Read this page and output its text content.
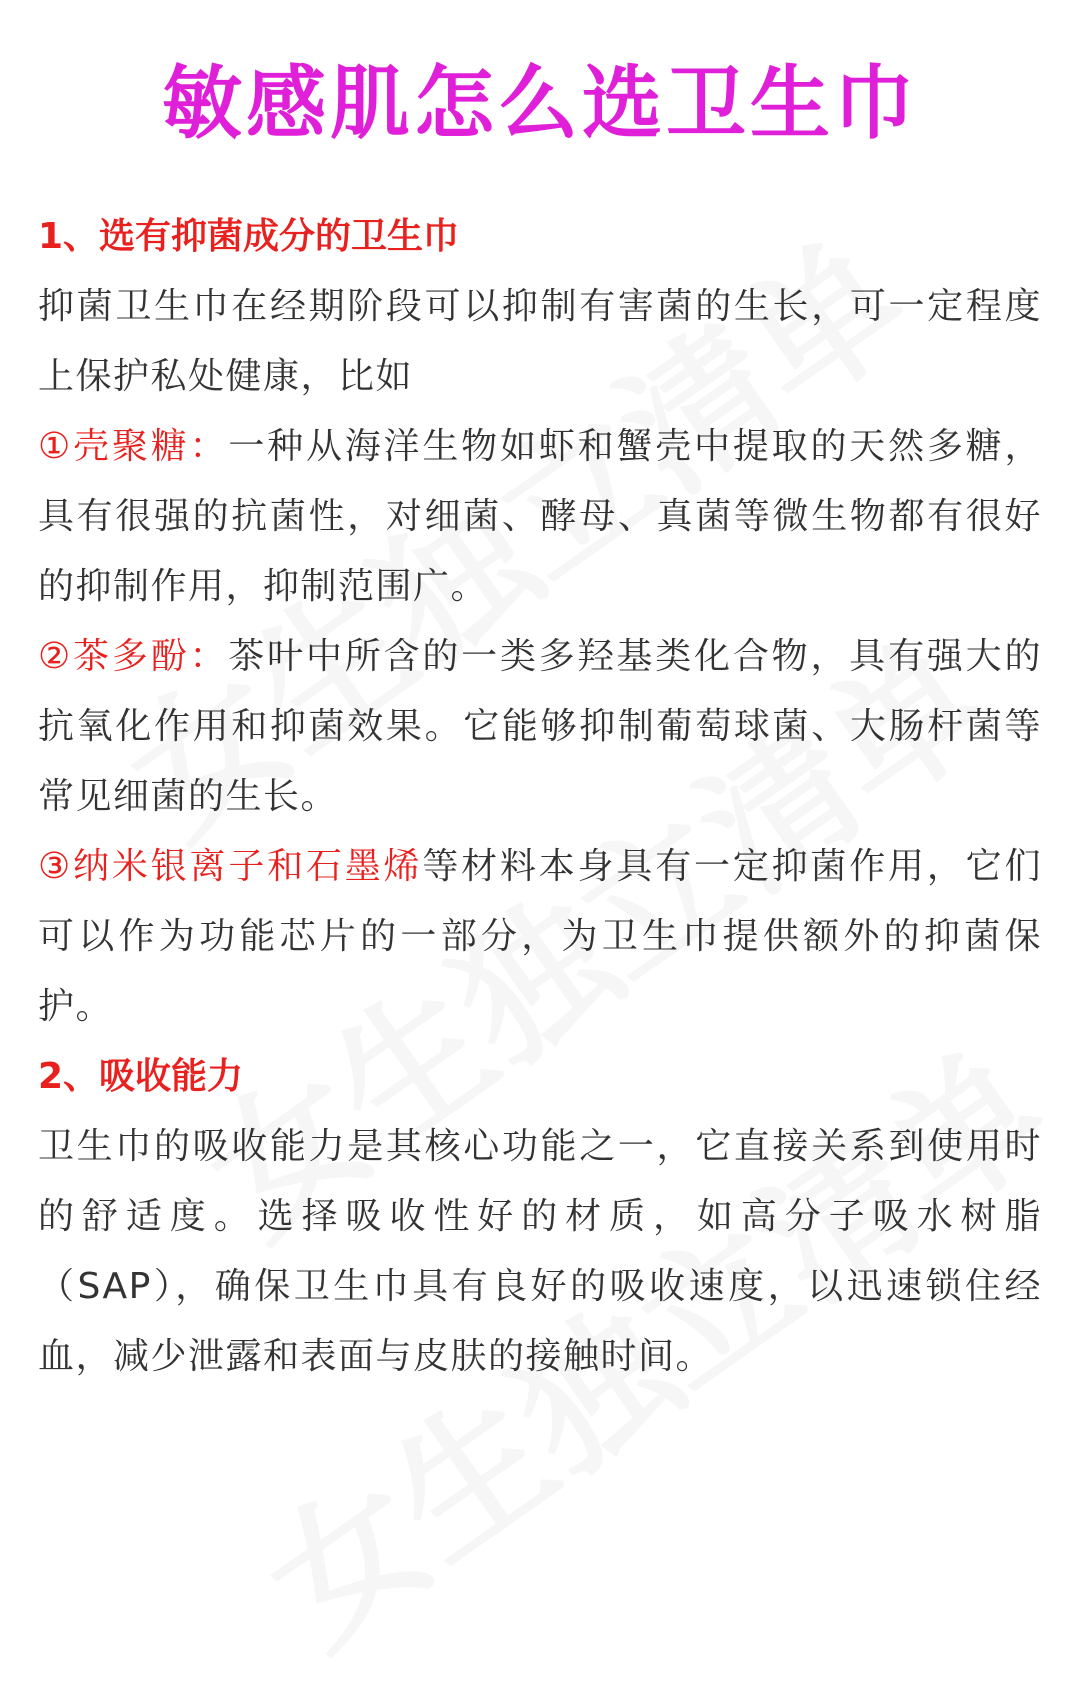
敏感肌怎么选卫生巾
1、选有抑菌成分的卫生巾

抑菌卫生巾在经期阶段可以抑制有害菌的生长，可一定程度上保护私处健康，比如

①壳聚糖：一种从海洋生物如虾和蟹壳中提取的天然多糖，具有很强的抗菌性，对细菌、酵母、真菌等微生物都有很好的抑制作用，抑制范围广。

②茶多酚：茶叶中所含的一类多羟基类化合物，具有强大的抗氧化作用和抑菌效果。它能够抑制葡萄球菌、大肠杆菌等常见细菌的生长。

③纳米银离子和石墨烯等材料本身具有一定抑菌作用，它们可以作为功能芯片的一部分，为卫生巾提供额外的抑菌保护。

2、吸收能力

卫生巾的吸收能力是其核心功能之一，它直接关系到使用时的舒适度。选择吸收性好的材质，如高分子吸水树脂（SAP），确保卫生巾具有良好的吸收速度，以迅速锁住经血，减少泄露和表面与皮肤的接触时间。
